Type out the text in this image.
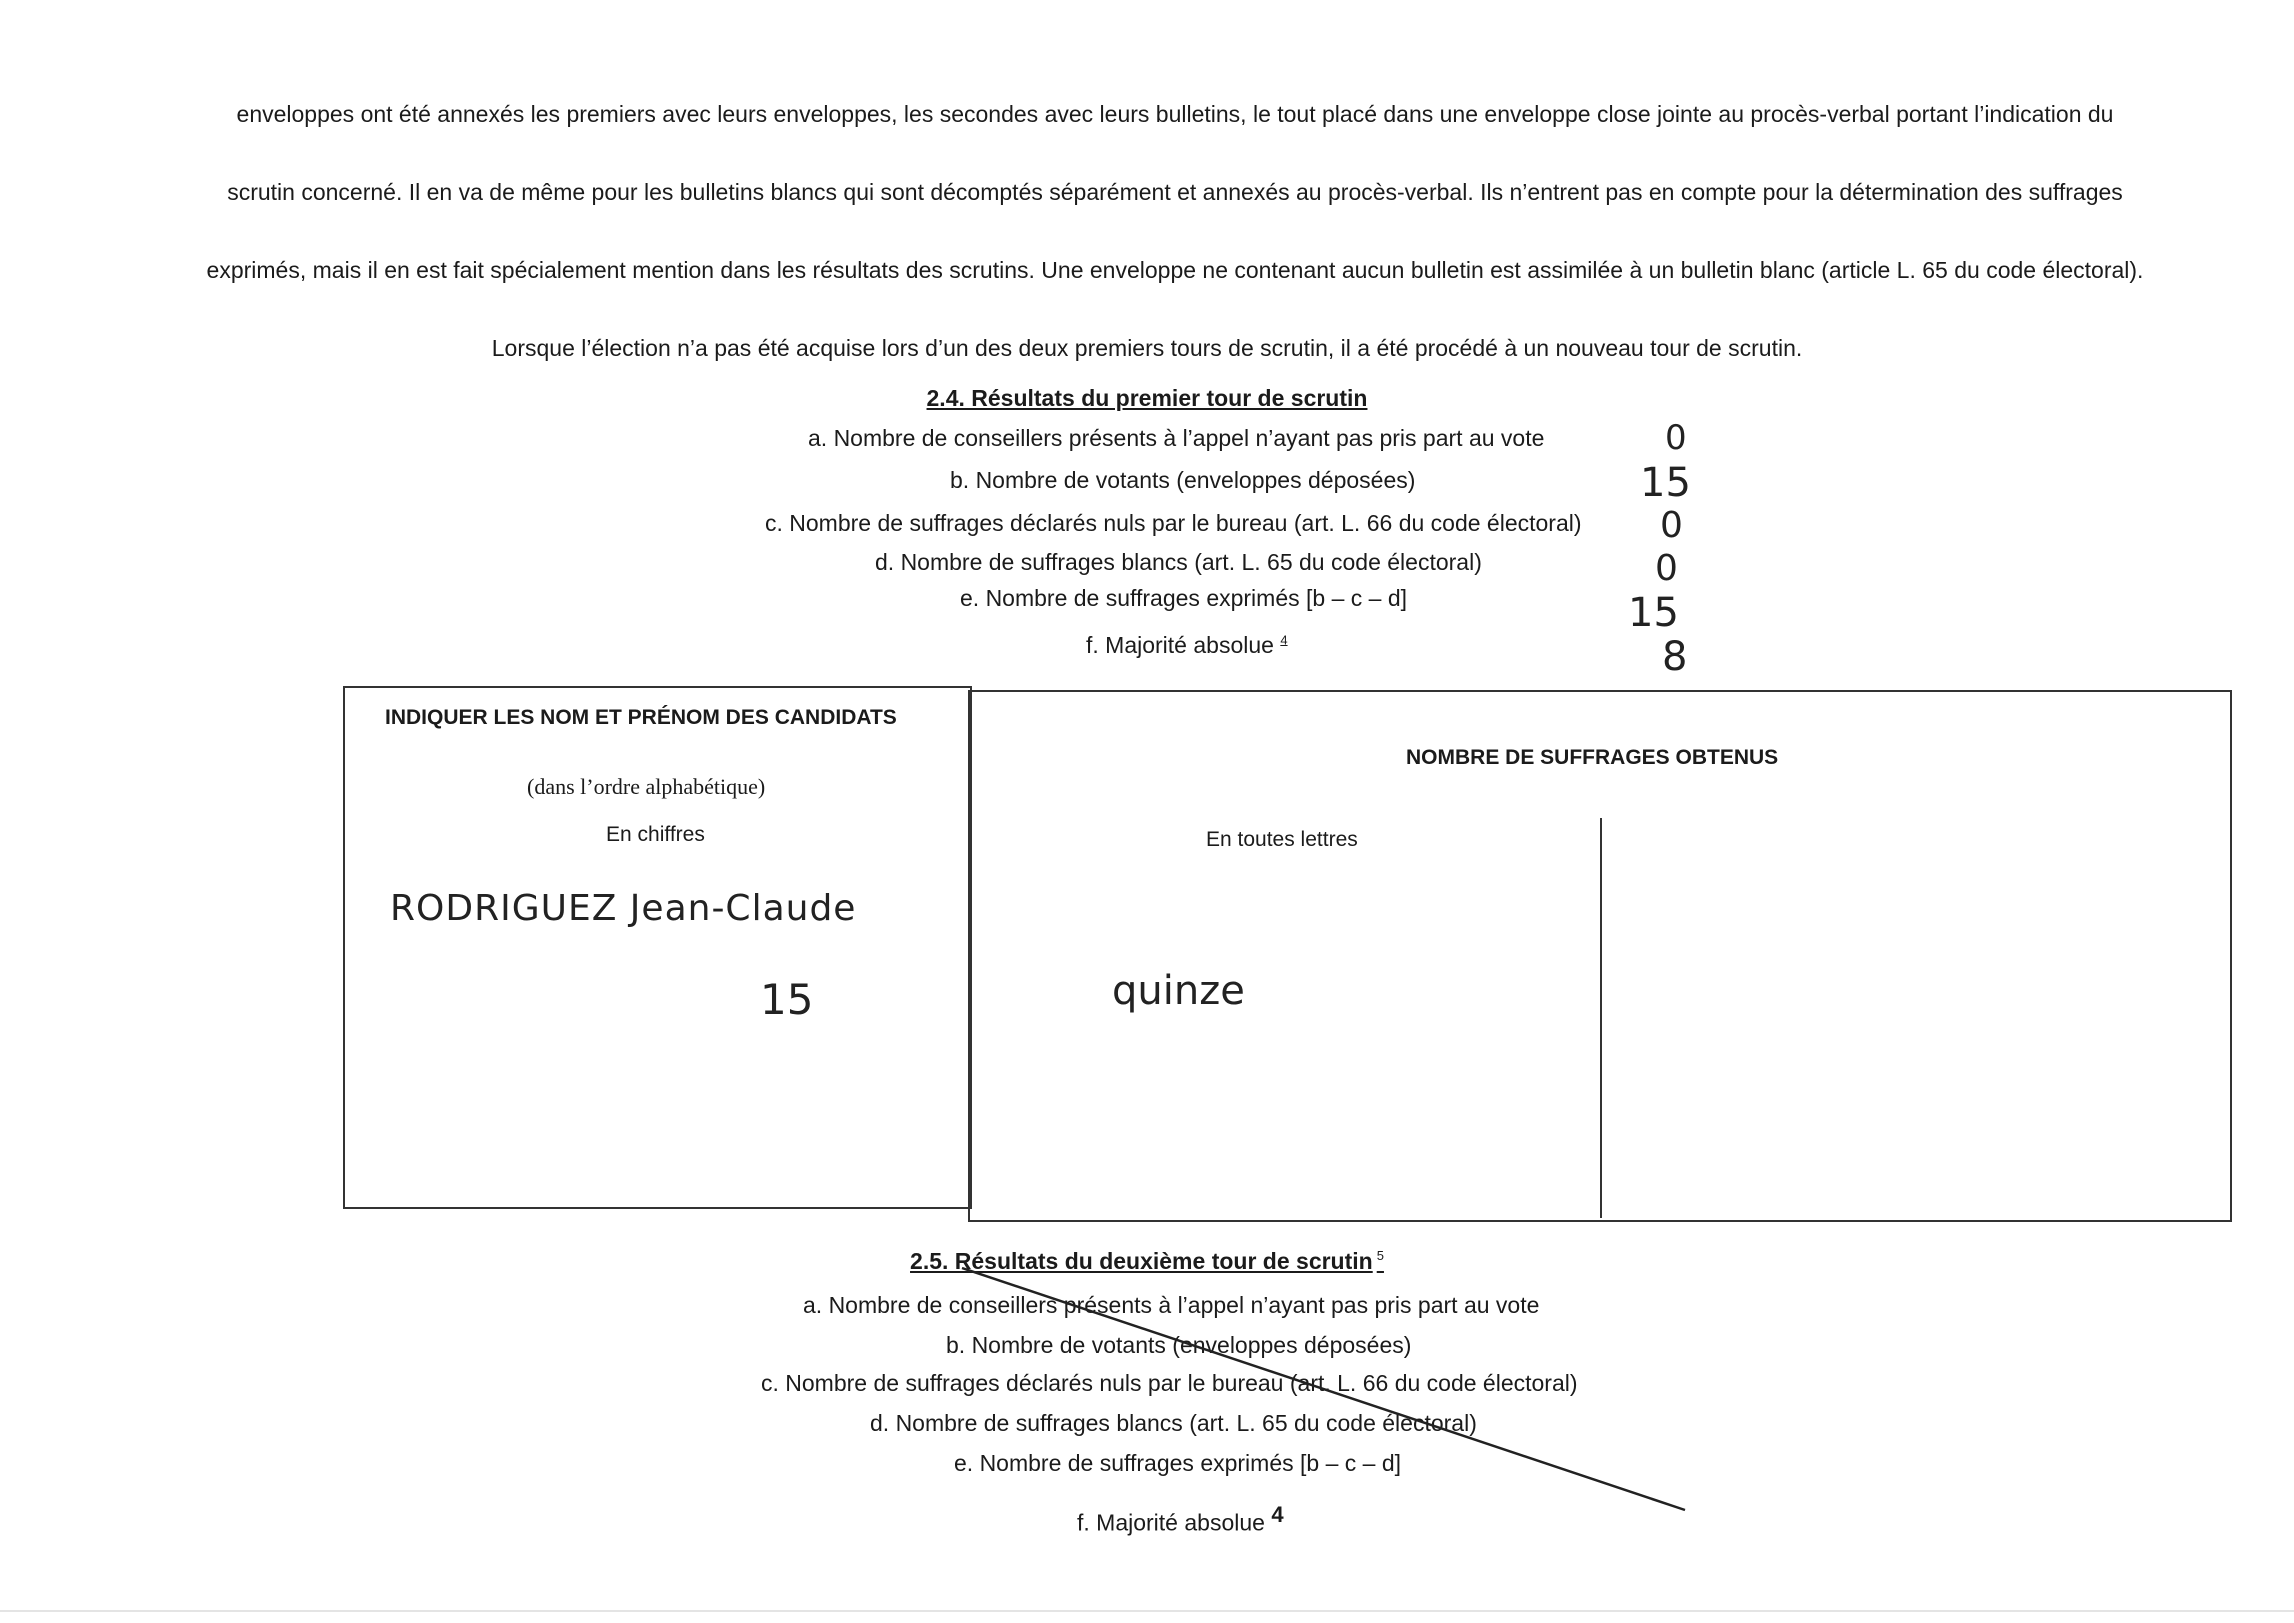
enveloppes ont été annexés les premiers avec leurs enveloppes, les secondes avec leurs bulletins, le tout placé dans une enveloppe close jointe au procès-verbal portant l’indication du
scrutin concerné. Il en va de même pour les bulletins blancs qui sont décomptés séparément et annexés au procès-verbal. Ils n’entrent pas en compte pour la détermination des suffrages
exprimés, mais il en est fait spécialement mention dans les résultats des scrutins. Une enveloppe ne contenant aucun bulletin est assimilée à un bulletin blanc (article L. 65 du code électoral).
Lorsque l’élection n’a pas été acquise lors d’un des deux premiers tours de scrutin, il a été procédé à un nouveau tour de scrutin.
2.4. Résultats du premier tour de scrutin
a. Nombre de conseillers présents à l’appel n’ayant pas pris part au vote
b. Nombre de votants (enveloppes déposées)
c. Nombre de suffrages déclarés nuls par le bureau (art. L. 66 du code électoral)
d. Nombre de suffrages blancs (art. L. 65 du code électoral)
e. Nombre de suffrages exprimés [b – c – d]
f. Majorité absolue $^4$
0
15
0
0
15
8
INDIQUER LES NOM ET PRÉNOM DES CANDIDATS
(dans l’ordre alphabétique)
En chiffres
NOMBRE DE SUFFRAGES OBTENUS
En toutes lettres
RODRIGUEZ Jean-Claude
15	quinze
2.5. Résultats du deuxième tour de scrutin $^5$
a. Nombre de conseillers présents à l’appel n’ayant pas pris part au vote
b. Nombre de votants (enveloppes déposées)
c. Nombre de suffrages déclarés nuls par le bureau (art. L. 66 du code électoral)
d. Nombre de suffrages blancs (art. L. 65 du code électoral)
e. Nombre de suffrages exprimés [b – c – d]
f. Majorité absolue $^4$
